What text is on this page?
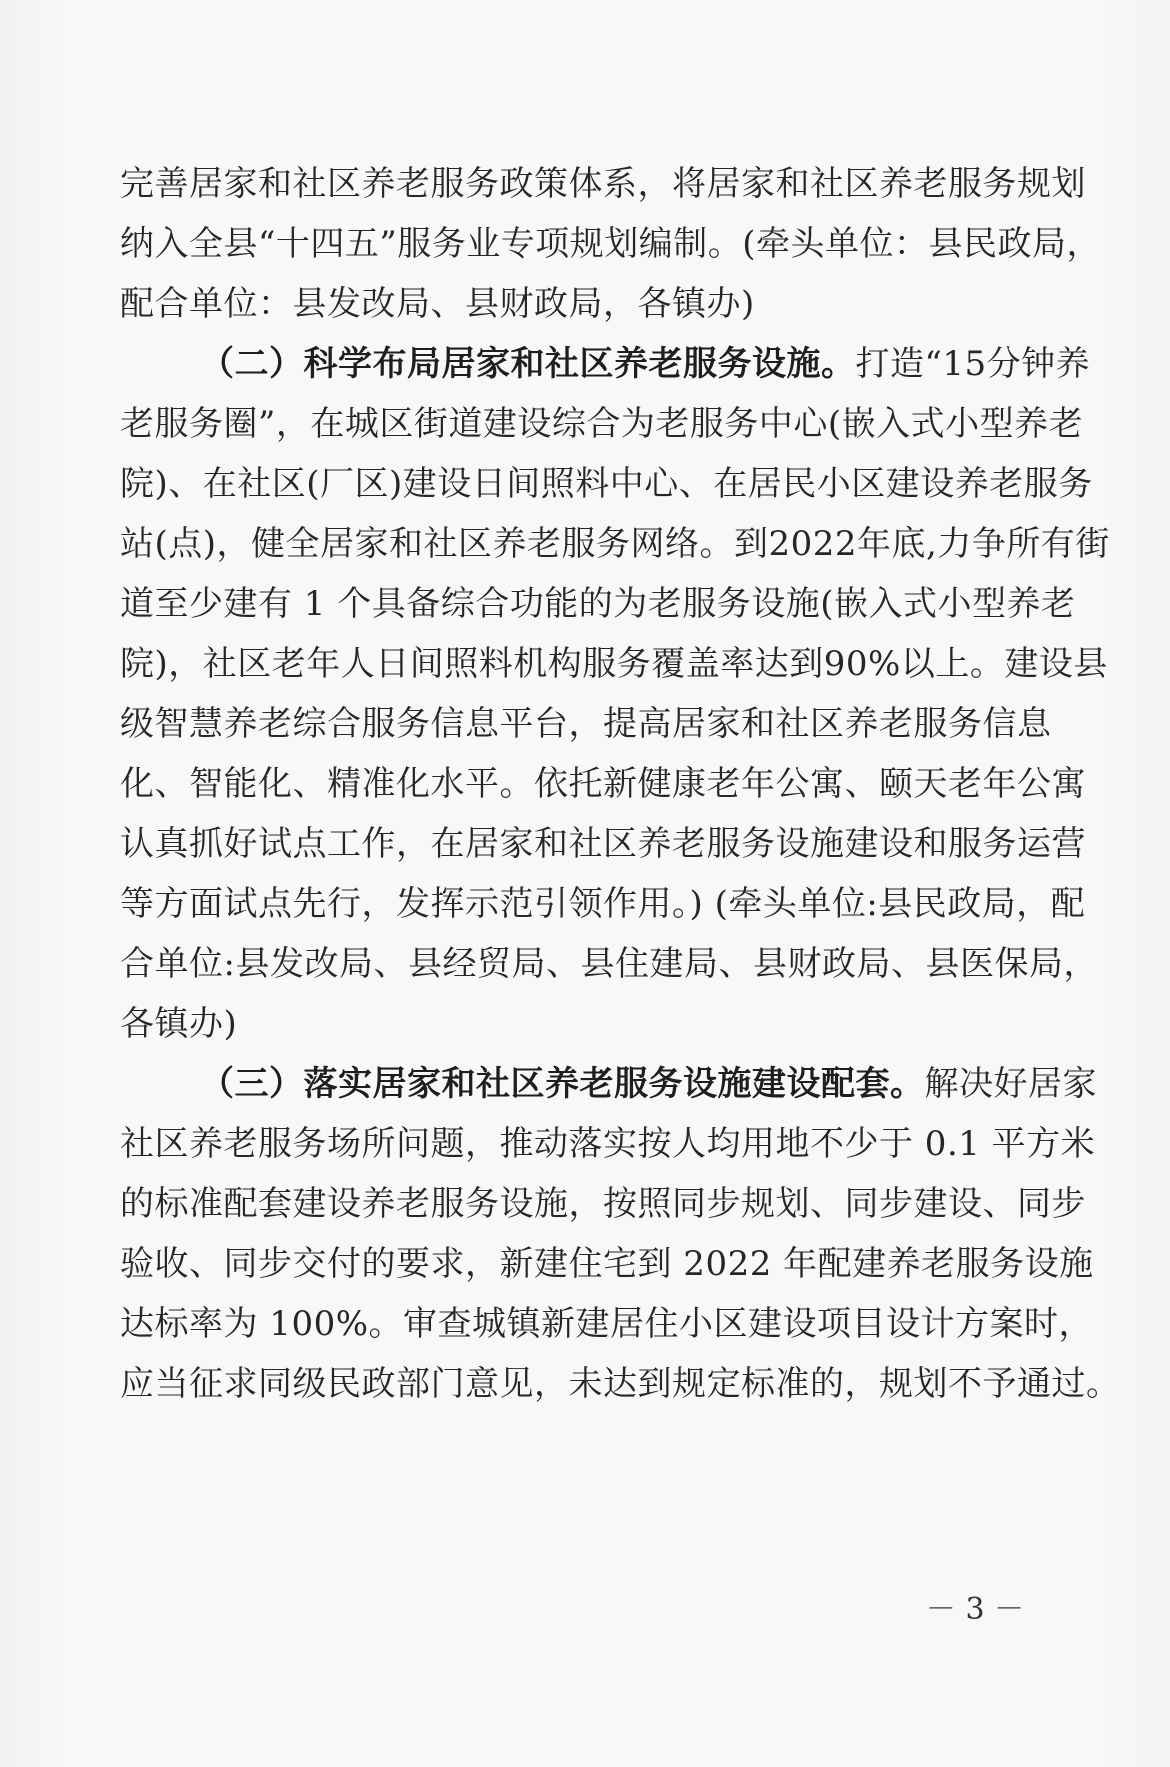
完善居家和社区养老服务政策体系，将居家和社区养老服务规划
纳入全县“十四五”服务业专项规划编制。(牵头单位：县民政局，
配合单位：县发改局、县财政局，各镇办)
（二）科学布局居家和社区养老服务设施。打造“15分钟养
老服务圈”，在城区街道建设综合为老服务中心(嵌入式小型养老
院)、在社区(厂区)建设日间照料中心、在居民小区建设养老服务
站(点)，健全居家和社区养老服务网络。到2022年底,力争所有街
道至少建有 1 个具备综合功能的为老服务设施(嵌入式小型养老
院)，社区老年人日间照料机构服务覆盖率达到90%以上。建设县
级智慧养老综合服务信息平台，提高居家和社区养老服务信息
化、智能化、精准化水平。依托新健康老年公寓、颐天老年公寓
认真抓好试点工作，在居家和社区养老服务设施建设和服务运营
等方面试点先行，发挥示范引领作用。) (牵头单位:县民政局，配
合单位:县发改局、县经贸局、县住建局、县财政局、县医保局，
各镇办)
（三）落实居家和社区养老服务设施建设配套。解决好居家
社区养老服务场所问题，推动落实按人均用地不少于 0.1 平方米
的标准配套建设养老服务设施，按照同步规划、同步建设、同步
验收、同步交付的要求，新建住宅到 2022 年配建养老服务设施
达标率为 100%。审查城镇新建居住小区建设项目设计方案时，
应当征求同级民政部门意见，未达到规定标准的，规划不予通过。
－ 3 －
